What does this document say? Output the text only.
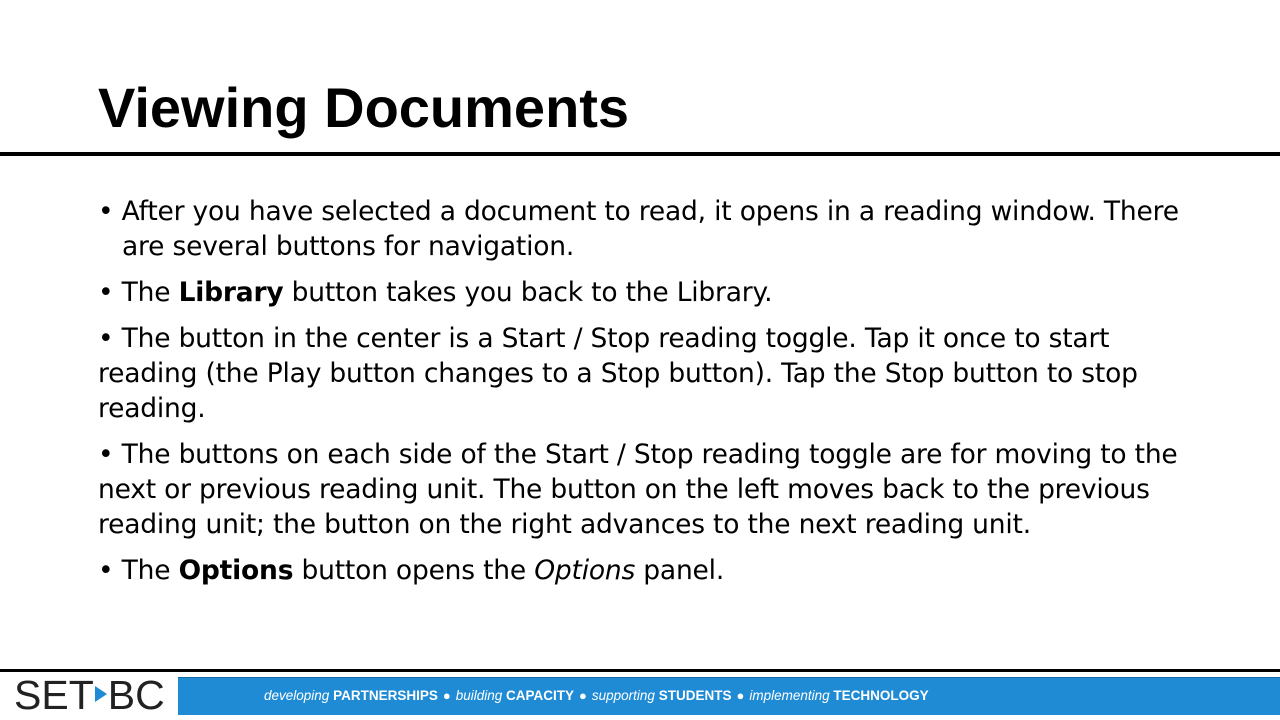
Viewing Documents

• After you have selected a document to read, it opens in a reading window. There are several buttons for navigation.

• The Library button takes you back to the Library.

• The button in the center is a Start / Stop reading toggle. Tap it once to start reading (the Play button changes to a Stop button). Tap the Stop button to stop reading.

• The buttons on each side of the Start / Stop reading toggle are for moving to the next or previous reading unit. The button on the left moves back to the previous reading unit; the button on the right advances to the next reading unit.

• The Options button opens the Options panel.

SET BC	developing PARTNERSHIPS ● building CAPACITY ● supporting STUDENTS ● implementing TECHNOLOGY
